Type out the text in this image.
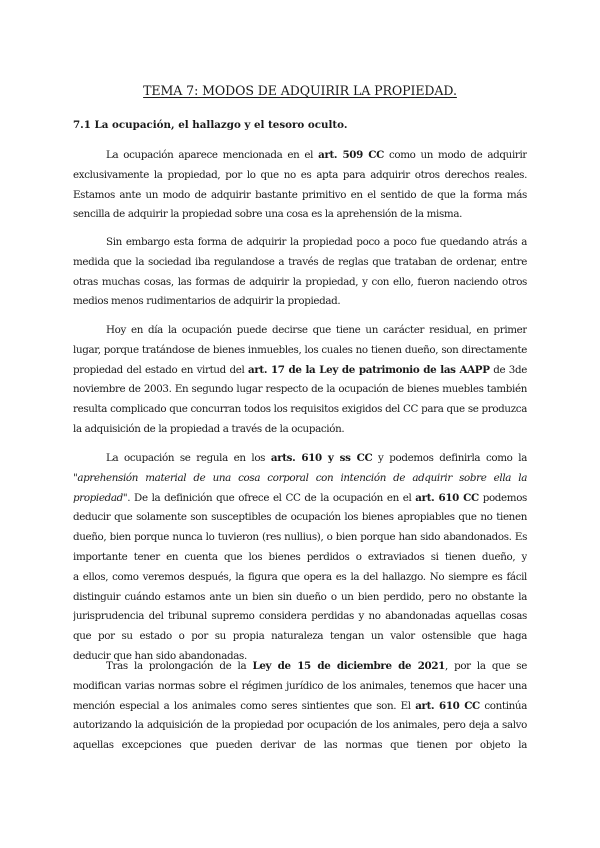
TEMA 7: MODOS DE ADQUIRIR LA PROPIEDAD.
7.1 La ocupación, el hallazgo y el tesoro oculto.
La ocupación aparece mencionada en el art. 509 CC como un modo de adquirir
exclusivamente la propiedad, por lo que no es apta para adquirir otros derechos reales.
Estamos ante un modo de adquirir bastante primitivo en el sentido de que la forma más
sencilla de adquirir la propiedad sobre una cosa es la aprehensión de la misma.
Sin embargo esta forma de adquirir la propiedad poco a poco fue quedando atrás a
medida que la sociedad iba regulandose a través de reglas que trataban de ordenar, entre
otras muchas cosas, las formas de adquirir la propiedad, y con ello, fueron naciendo otros
medios menos rudimentarios de adquirir la propiedad.
Hoy en día la ocupación puede decirse que tiene un carácter residual, en primer
lugar, porque tratándose de bienes inmuebles, los cuales no tienen dueño, son directamente
propiedad del estado en virtud del art. 17 de la Ley de patrimonio de las AAPP de 3de
noviembre de 2003. En segundo lugar respecto de la ocupación de bienes muebles también
resulta complicado que concurran todos los requisitos exigidos del CC para que se produzca
la adquisición de la propiedad a través de la ocupación.
La ocupación se regula en los arts. 610 y ss CC y podemos definirla como la
"aprehensión material de una cosa corporal con intención de adquirir sobre ella la
propiedad". De la definición que ofrece el CC de la ocupación en el art. 610 CC podemos
deducir que solamente son susceptibles de ocupación los bienes apropiables que no tienen
dueño, bien porque nunca lo tuvieron (res nullius), o bien porque han sido abandonados. Es
importante tener en cuenta que los bienes perdidos o extraviados si tienen dueño, y
a ellos, como veremos después, la figura que opera es la del hallazgo. No siempre es fácil
distinguir cuándo estamos ante un bien sin dueño o un bien perdido, pero no obstante la
jurisprudencia del tribunal supremo considera perdidas y no abandonadas aquellas cosas
que por su estado o por su propia naturaleza tengan un valor ostensible que haga
deducir que han sido abandonadas.
Tras la prolongación de la Ley de 15 de diciembre de 2021, por la que se
modifican varias normas sobre el régimen jurídico de los animales, tenemos que hacer una
mención especial a los animales como seres sintientes que son. El art. 610 CC continúa
autorizando la adquisición de la propiedad por ocupación de los animales, pero deja a salvo
aquellas excepciones que pueden derivar de las normas que tienen por objeto la
